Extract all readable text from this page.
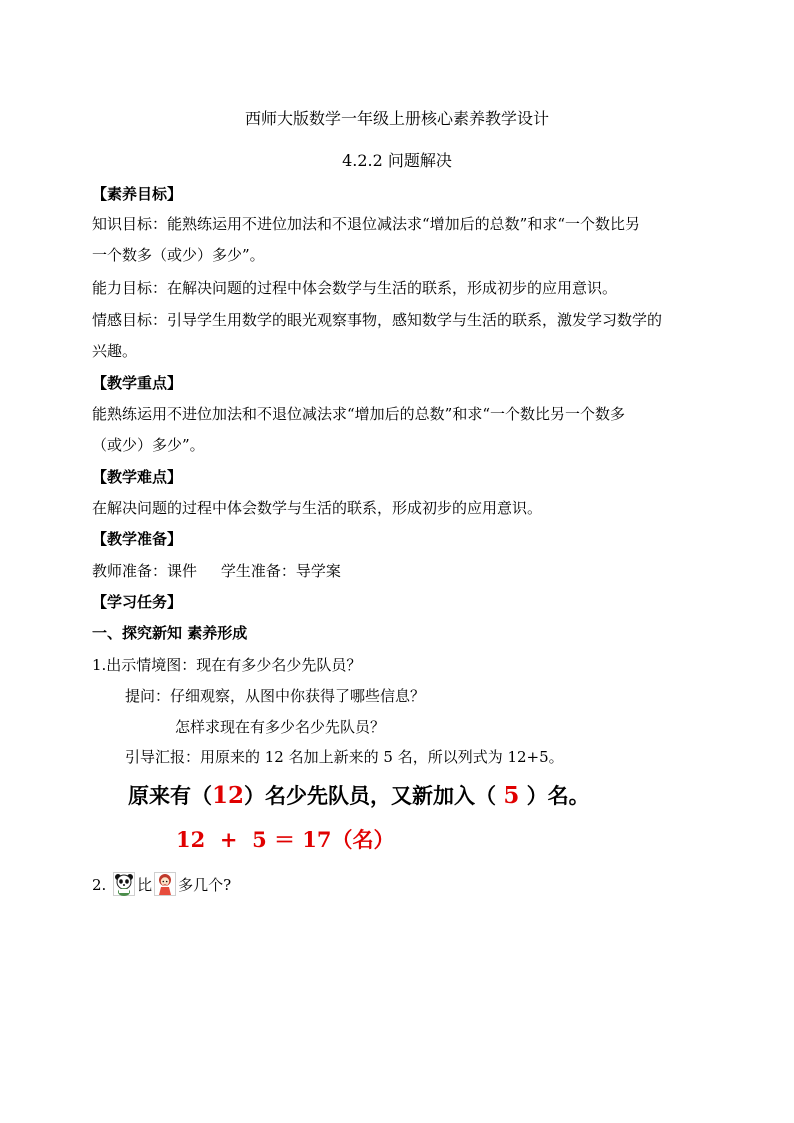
西师大版数学一年级上册核心素养教学设计
4.2.2 问题解决
【素养目标】
知识目标：能熟练运用不进位加法和不退位减法求“增加后的总数”和求“一个数比另
一个数多（或少）多少”。
能力目标：在解决问题的过程中体会数学与生活的联系，形成初步的应用意识。
情感目标：引导学生用数学的眼光观察事物，感知数学与生活的联系，激发学习数学的
兴趣。
【教学重点】
能熟练运用不进位加法和不退位减法求“增加后的总数”和求“一个数比另一个数多
（或少）多少”。
【教学难点】
在解决问题的过程中体会数学与生活的联系，形成初步的应用意识。
【教学准备】
教师准备：课件     学生准备：导学案
【学习任务】
一、探究新知 素养形成
1.出示情境图：现在有多少名少先队员？
提问：仔细观察，从图中你获得了哪些信息？
怎样求现在有多少名少先队员？
引导汇报：用原来的 12 名加上新来的 5 名，所以列式为 12+5。
原来有（12）名少先队员，又新加入（ 5 ）名。
12  +  5 ＝ 17（名）
2. 比 多几个?
